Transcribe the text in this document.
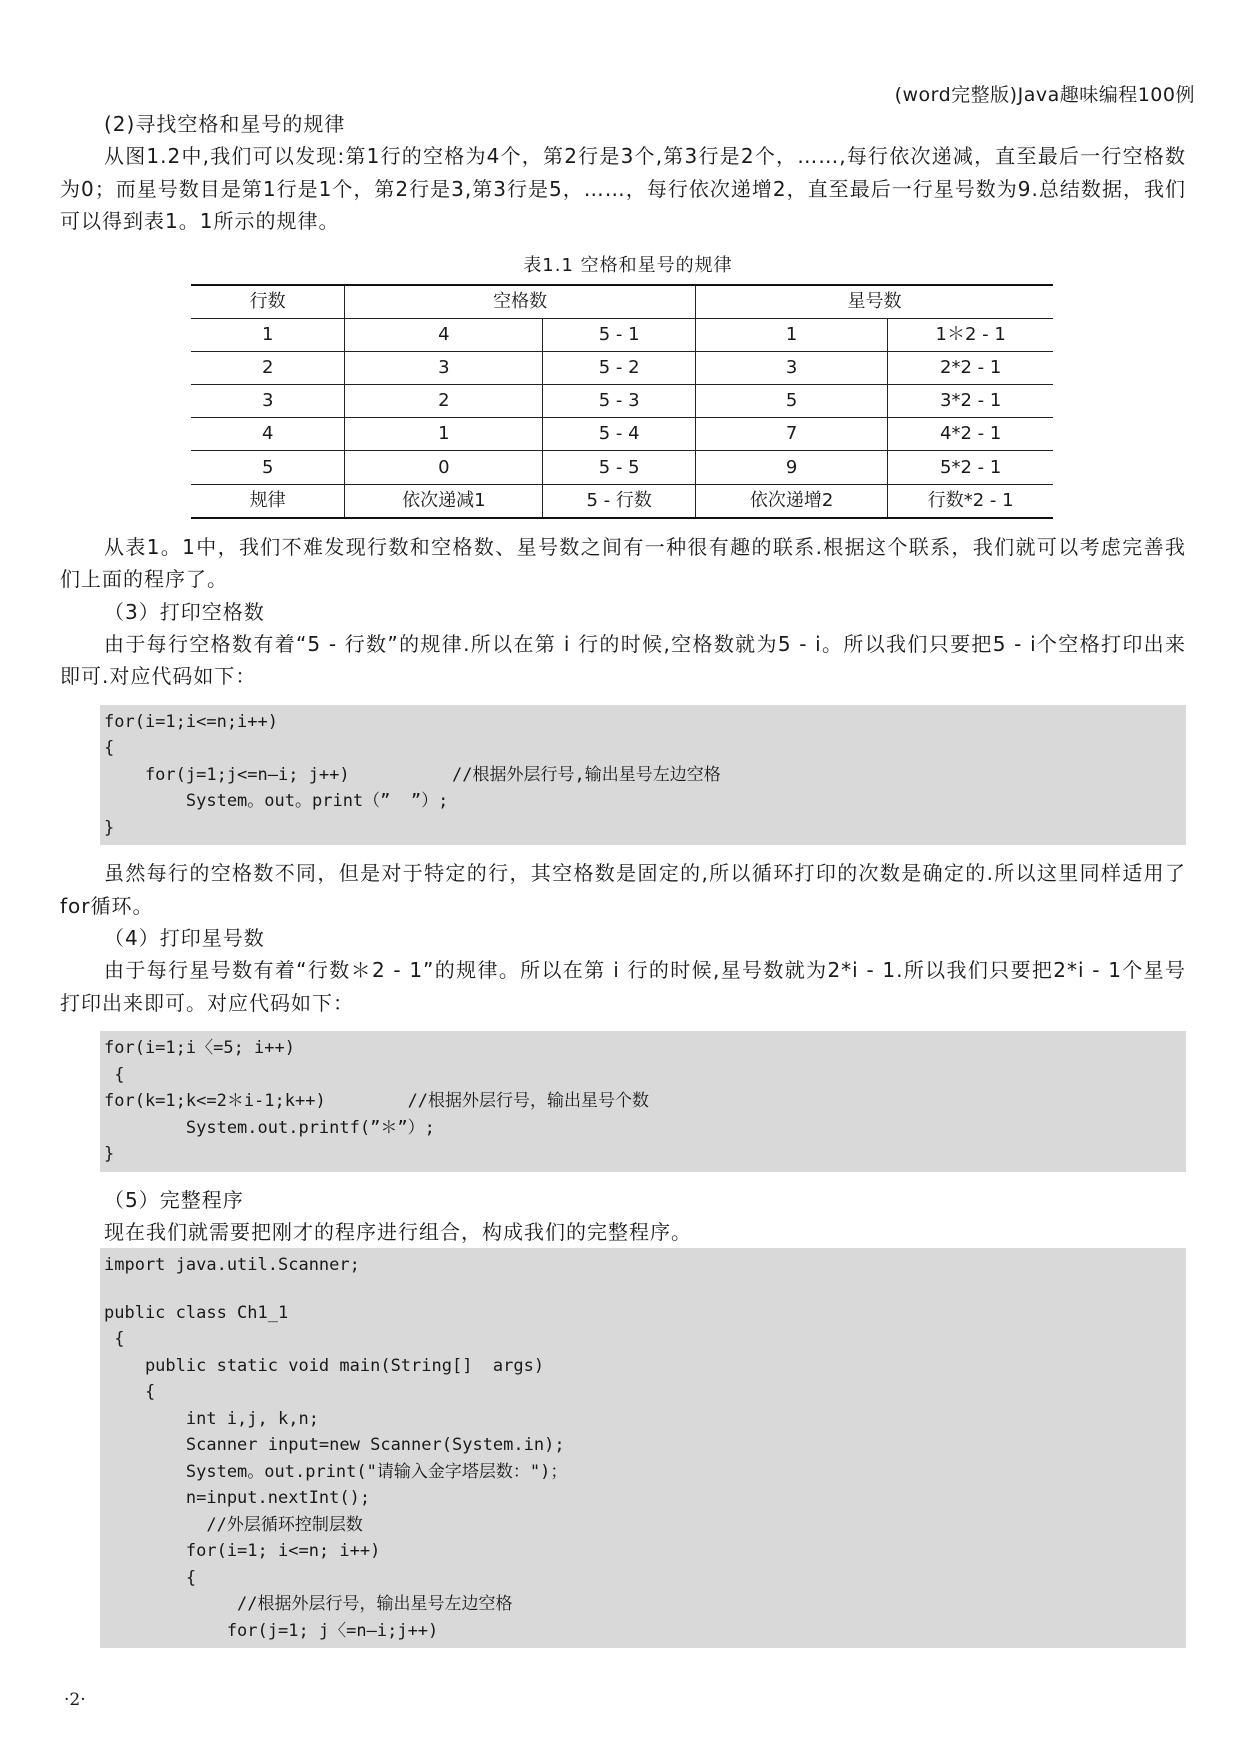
(word完整版)Java趣味编程100例

(2)寻找空格和星号的规律

从图1.2中,我们可以发现:第1行的空格为4个，第2行是3个,第3行是2个，……,每行依次递减，直至最后一行空格数为0；而星号数目是第1行是1个，第2行是3,第3行是5，……，每行依次递增2，直至最后一行星号数为9.总结数据，我们可以得到表1。1所示的规律。

表1.1 空格和星号的规律
行数	空格数		星号数	
1	4	5 - 1	1	1＊2 - 1
2	3	5 - 2	3	2*2 - 1
3	2	5 - 3	5	3*2 - 1
4	1	5 - 4	7	4*2 - 1
5	0	5 - 5	9	5*2 - 1
规律	依次递减1	5 - 行数	依次递增2	行数*2 - 1

从表1。1中，我们不难发现行数和空格数、星号数之间有一种很有趣的联系.根据这个联系，我们就可以考虑完善我们上面的程序了。

（3）打印空格数

由于每行空格数有着“5 - 行数”的规律.所以在第 i 行的时候,空格数就为5 - i。所以我们只要把5 - i个空格打印出来即可.对应代码如下：

for(i=1;i<=n;i++)
{
for(j=1;j<=n—i; j++)          //根据外层行号,输出星号左边空格
System。out。print（”  ”）;
}

虽然每行的空格数不同，但是对于特定的行，其空格数是固定的,所以循环打印的次数是确定的.所以这里同样适用了for循环。

（4）打印星号数

由于每行星号数有着“行数＊2 - 1”的规律。所以在第 i 行的时候,星号数就为2*i - 1.所以我们只要把2*i - 1个星号打印出来即可。对应代码如下：

for(i=1;i〈=5; i++)
{
for(k=1;k<=2＊i-1;k++)        //根据外层行号，输出星号个数
System.out.printf(”＊”）;
}

（5）完整程序

现在我们就需要把刚才的程序进行组合，构成我们的完整程序。

import java.util.Scanner;
public class Ch1_1
{
public static void main(String[]  args)
{
int i,j, k,n;
Scanner input=new Scanner(System.in);
System。out.print("请输入金字塔层数：")；
n=input.nextInt();
//外层循环控制层数
for(i=1; i<=n; i++)
{
//根据外层行号，输出星号左边空格
for(j=1; j〈=n—i;j++)
·2·
